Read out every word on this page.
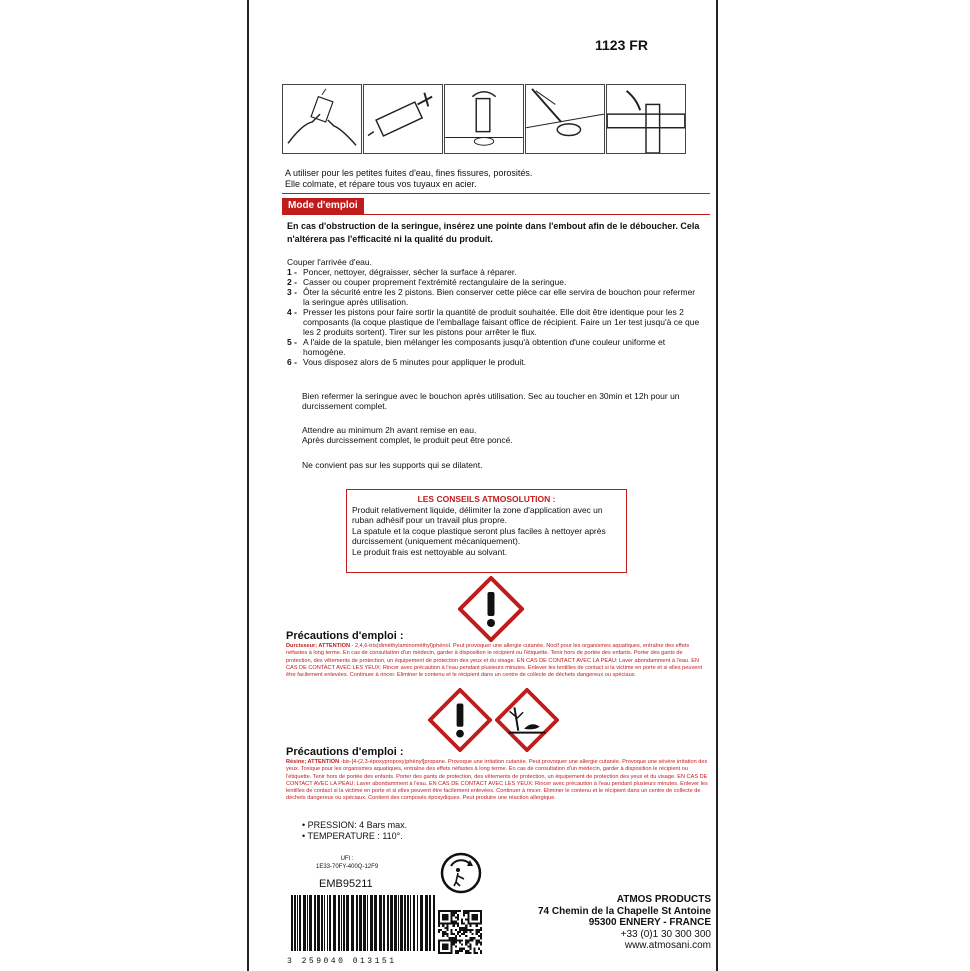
1123 FR
A utiliser pour les petites fuites d'eau, fines fissures, porosités.
Elle colmate, et répare tous vos tuyaux en acier.
Mode d'emploi
En cas d'obstruction de la seringue, insérez une pointe dans l'embout afin de le déboucher. Cela n'altérera pas l'efficacité ni la qualité du produit.
Couper l'arrivée d'eau.
1 - Poncer, nettoyer, dégraisser, sécher la surface à réparer.
2 - Casser ou couper proprement l'extrémité rectangulaire de la seringue.
3 - Ôter la sécurité entre les 2 pistons. Bien conserver cette pièce car elle servira de bouchon pour refermer la seringue après utilisation.
4 - Presser les pistons pour faire sortir la quantité de produit souhaitée. Elle doit être identique pour les 2 composants (la coque plastique de l'emballage faisant office de récipient. Faire un 1er test jusqu'à ce que les 2 produits sortent). Tirer sur les pistons pour arrêter le flux.
5 - A l'aide de la spatule, bien mélanger les composants jusqu'à obtention d'une couleur uniforme et homogène.
6 - Vous disposez alors de 5 minutes pour appliquer le produit.
Bien refermer la seringue avec le bouchon après utilisation. Sec au toucher en 30min et 12h pour un durcissement complet.
Attendre au minimum 2h avant remise en eau.
Après durcissement complet, le produit peut être poncé.
Ne convient pas sur les supports qui se dilatent.
LES CONSEILS ATMOSOLUTION :
Produit relativement liquide, délimiter la zone d'application avec un ruban adhésif pour un travail plus propre.
La spatule et la coque plastique seront plus faciles à nettoyer après durcissement (uniquement mécaniquement).
Le produit frais est nettoyable au solvant.
Précautions d'emploi :
Durcisseur; ATTENTION - 2,4,6-tris(diméthylaminométhyl)phénol. Peut provoquer une allergie cutanée. Nocif pour les organismes aquatiques, entraîne des effets néfastes à long terme. En cas de consultation d'un médecin, garder à disposition le récipient ou l'étiquette. Tenir hors de portée des enfants. Porter des gants de protection, des vêtements de protection, un équipement de protection des yeux et du visage. EN CAS DE CONTACT AVEC LA PEAU: Laver abondamment à l'eau. EN CAS DE CONTACT AVEC LES YEUX: Rincer avec précaution à l'eau pendant plusieurs minutes. Enlever les lentilles de contact si la victime en porte et si elles peuvent être facilement enlevées. Continuer à rincer. Eliminer le contenu et le récipient dans un centre de collecte de déchets dangereux ou spéciaux.
Précautions d'emploi :
Résine; ATTENTION -bis-[4-(2,3-époxypropoxy)phényl]propane. Provoque une irritation cutanée. Peut provoquer une allergie cutanée. Provoque une sévère irritation des yeux. Toxique pour les organismes aquatiques, entraîne des effets néfastes à long terme. En cas de consultation d'un médecin, garder à disposition le récipient ou l'étiquette. Tenir hors de portée des enfants. Porter des gants de protection, des vêtements de protection, un équipement de protection des yeux et du visage. EN CAS DE CONTACT AVEC LA PEAU: Laver abondamment à l'eau. EN CAS DE CONTACT AVEC LES YEUX: Rincer avec précaution à l'eau pendant plusieurs minutes. Enlever les lentilles de contact si la victime en porte et si elles peuvent être facilement enlevées. Continuer à rincer. Eliminer le contenu et le récipient dans un centre de collecte de déchets dangereux ou spéciaux. Contient des composés époxydiques. Peut produire une réaction allergique.
• PRESSION: 4 Bars max.
• TEMPERATURE : 110°.
UFI :
1E33-70FY-400Q-12F9
EMB95211
3 259040 013151
ATMOS PRODUCTS
74 Chemin de la Chapelle St Antoine
95300 ENNERY - FRANCE
+33 (0)1 30 300 300
www.atmosani.com
